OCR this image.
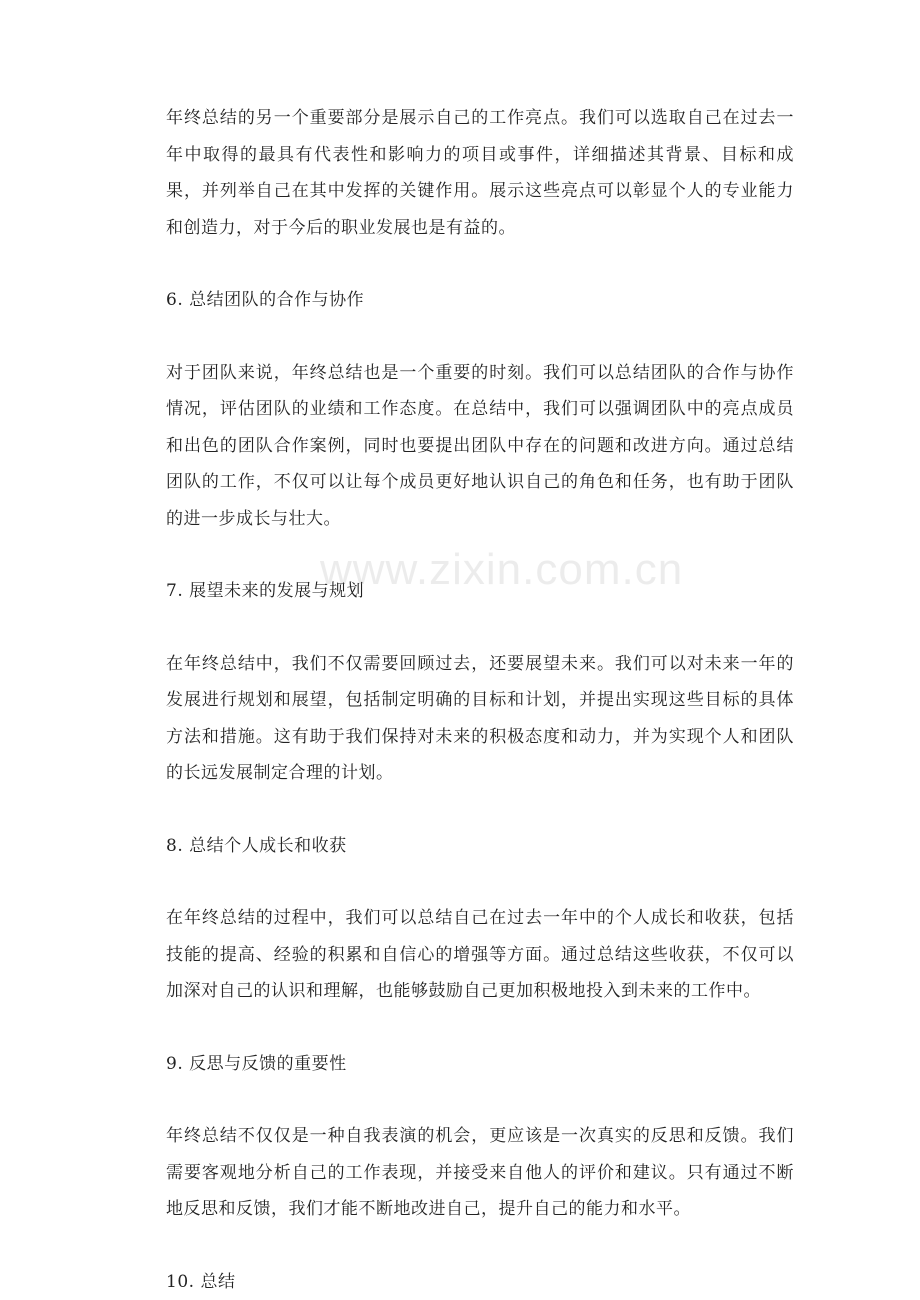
年终总结的另一个重要部分是展示自己的工作亮点。我们可以选取自己在过去一年中取得的最具有代表性和影响力的项目或事件，详细描述其背景、目标和成果，并列举自己在其中发挥的关键作用。展示这些亮点可以彰显个人的专业能力和创造力，对于今后的职业发展也是有益的。

6. 总结团队的合作与协作

对于团队来说，年终总结也是一个重要的时刻。我们可以总结团队的合作与协作情况，评估团队的业绩和工作态度。在总结中，我们可以强调团队中的亮点成员和出色的团队合作案例，同时也要提出团队中存在的问题和改进方向。通过总结团队的工作，不仅可以让每个成员更好地认识自己的角色和任务，也有助于团队的进一步成长与壮大。

7. 展望未来的发展与规划

在年终总结中，我们不仅需要回顾过去，还要展望未来。我们可以对未来一年的发展进行规划和展望，包括制定明确的目标和计划，并提出实现这些目标的具体方法和措施。这有助于我们保持对未来的积极态度和动力，并为实现个人和团队的长远发展制定合理的计划。

8. 总结个人成长和收获

在年终总结的过程中，我们可以总结自己在过去一年中的个人成长和收获，包括技能的提高、经验的积累和自信心的增强等方面。通过总结这些收获，不仅可以加深对自己的认识和理解，也能够鼓励自己更加积极地投入到未来的工作中。

9. 反思与反馈的重要性

年终总结不仅仅是一种自我表演的机会，更应该是一次真实的反思和反馈。我们需要客观地分析自己的工作表现，并接受来自他人的评价和建议。只有通过不断地反思和反馈，我们才能不断地改进自己，提升自己的能力和水平。

10. 总结

www.zixin.com.cn
